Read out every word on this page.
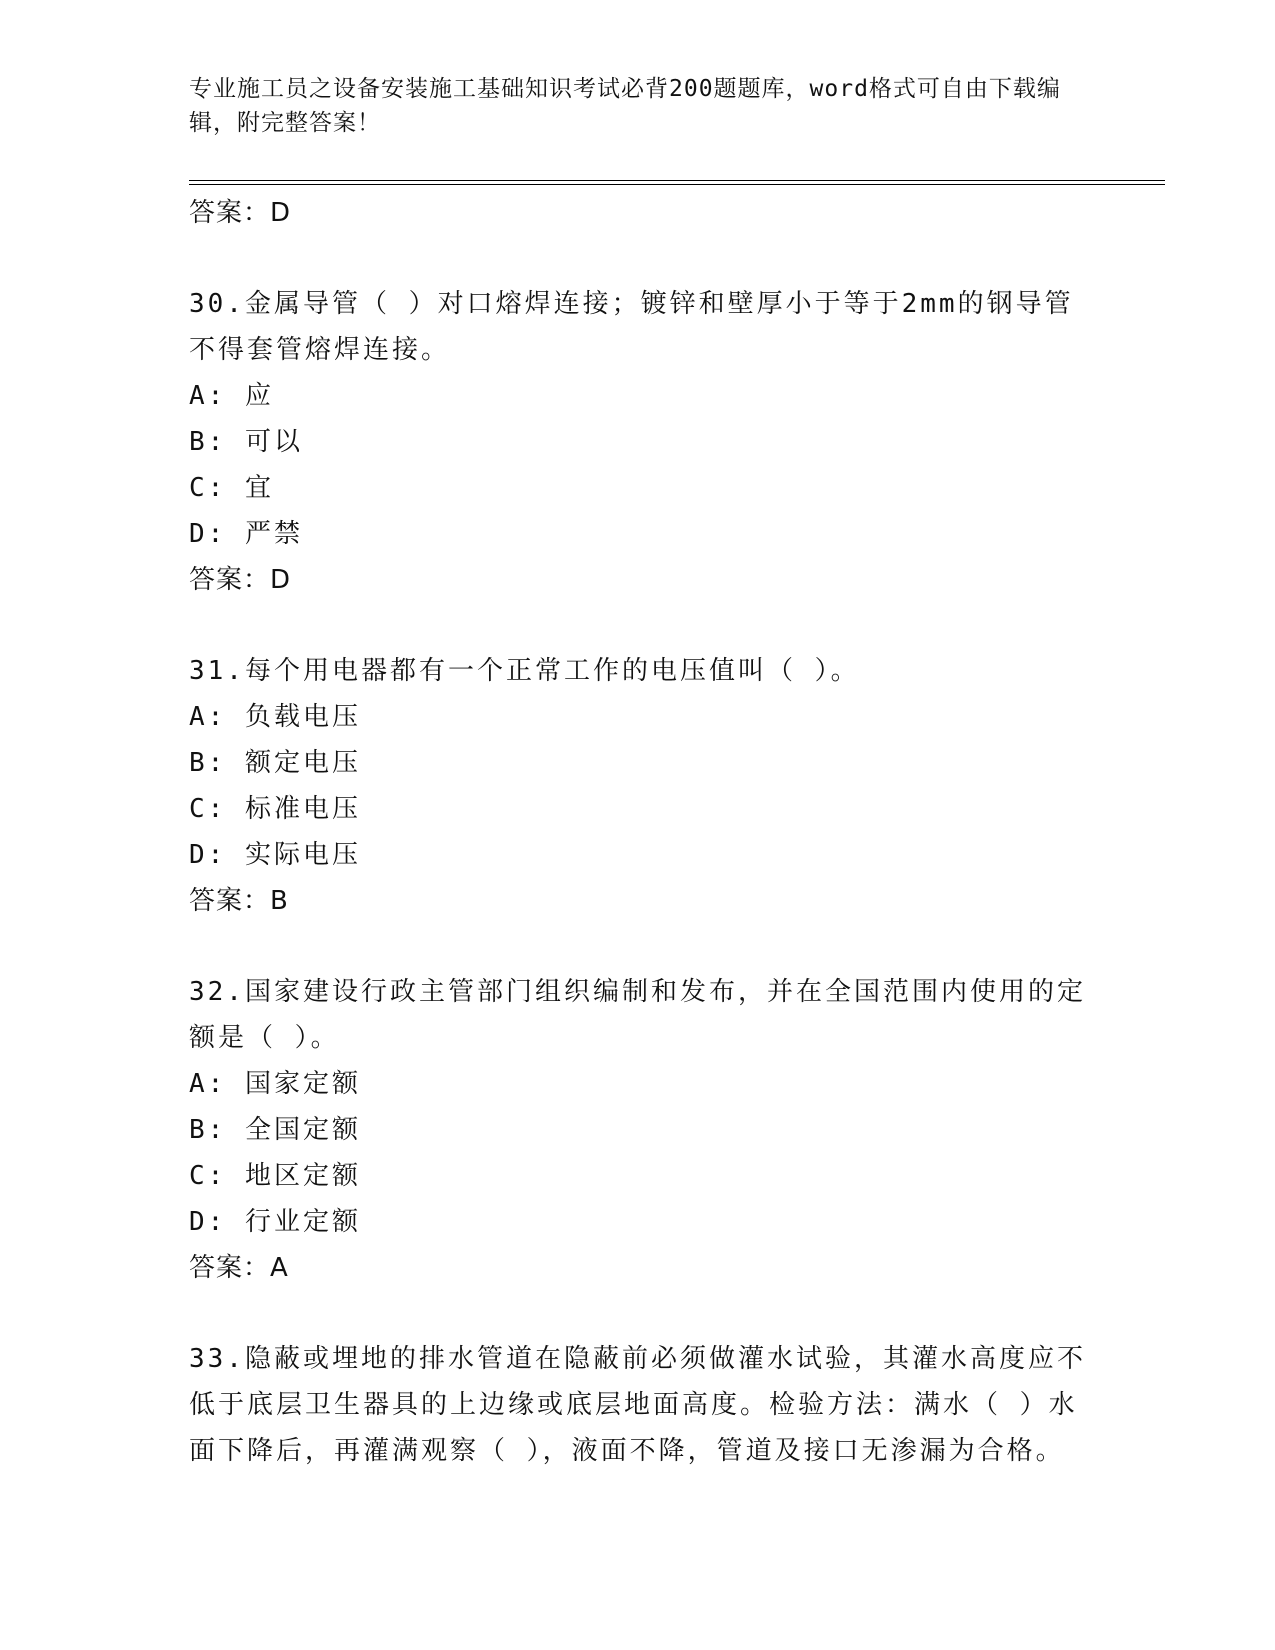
专业施工员之设备安装施工基础知识考试必背200题题库，word格式可自由下载编辑，附完整答案！
答案：D
30.金属导管（ ）对口熔焊连接；镀锌和壁厚小于等于2mm的钢导管不得套管熔焊连接。
A: 应
B: 可以
C: 宜
D: 严禁
答案：D
31.每个用电器都有一个正常工作的电压值叫（ ）。
A: 负载电压
B: 额定电压
C: 标准电压
D: 实际电压
答案：B
32.国家建设行政主管部门组织编制和发布，并在全国范围内使用的定额是（ ）。
A: 国家定额
B: 全国定额
C: 地区定额
D: 行业定额
答案：A
33.隐蔽或埋地的排水管道在隐蔽前必须做灌水试验，其灌水高度应不低于底层卫生器具的上边缘或底层地面高度。检验方法：满水（ ）水面下降后，再灌满观察（ ），液面不降，管道及接口无渗漏为合格。
